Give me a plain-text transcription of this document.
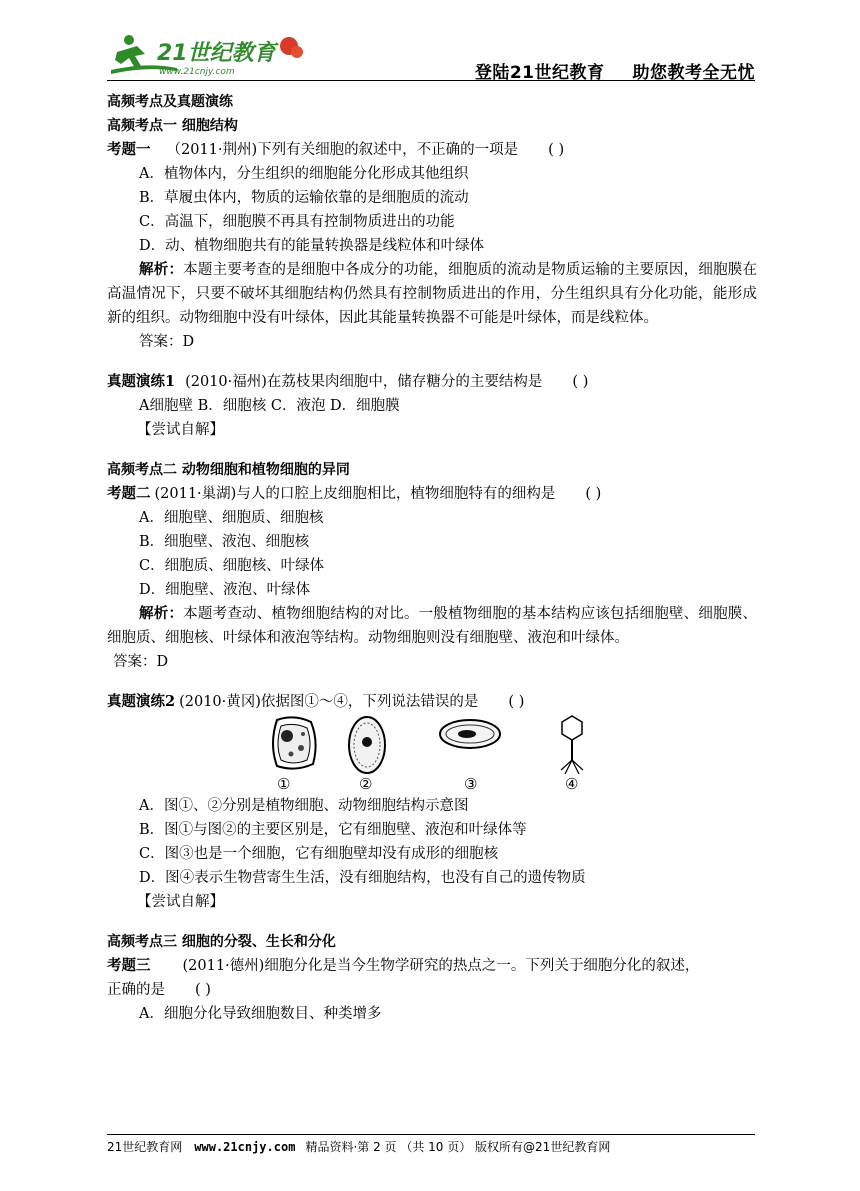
21世纪教育
www.21cnjy.com	登陆21世纪教育 助您教考全无忧
高频考点及真题演练
高频考点一 细胞结构
考题一 （2011·荆州)下列有关细胞的叙述中，不正确的一项是 ( )
A．植物体内，分生组织的细胞能分化形成其他组织
B．草履虫体内，物质的运输依靠的是细胞质的流动
C．高温下，细胞膜不再具有控制物质进出的功能
D．动、植物细胞共有的能量转换器是线粒体和叶绿体
解析：本题主要考查的是细胞中各成分的功能，细胞质的流动是物质运输的主要原因，细胞膜在高温情况下，只要不破坏其细胞结构仍然具有控制物质进出的作用，分生组织具有分化功能，能形成新的组织。动物细胞中没有叶绿体，因此其能量转换器不可能是叶绿体，而是线粒体。
答案：D
真题演练1 (2010·福州)在荔枝果肉细胞中，储存糖分的主要结构是 ( )
A细胞壁 B．细胞核 C．液泡 D．细胞膜
【尝试自解】
高频考点二 动物细胞和植物细胞的异同
考题二 (2011·巢湖)与人的口腔上皮细胞相比，植物细胞特有的细构是 ( )
A．细胞壁、细胞质、细胞核
B．细胞壁、液泡、细胞核
C．细胞质、细胞核、叶绿体
D．细胞壁、液泡、叶绿体
解析：本题考查动、植物细胞结构的对比。一般植物细胞的基本结构应该包括细胞壁、细胞膜、细胞质、细胞核、叶绿体和液泡等结构。动物细胞则没有细胞壁、液泡和叶绿体。
答案：D
真题演练2 (2010·黄冈)依据图①～④，下列说法错误的是 ( )
①	②	③	④
A．图①、②分别是植物细胞、动物细胞结构示意图
B．图①与图②的主要区别是，它有细胞壁、液泡和叶绿体等
C．图③也是一个细胞，它有细胞壁却没有成形的细胞核
D．图④表示生物营寄生生活，没有细胞结构，也没有自己的遗传物质
【尝试自解】
高频考点三 细胞的分裂、生长和分化
考题三 (2011·德州)细胞分化是当今生物学研究的热点之一。下列关于细胞分化的叙述，
正确的是 ( )
A．细胞分化导致细胞数目、种类增多
21世纪教育网 www.21cnjy.com 精品资料·第 2 页 （共 10 页） 版权所有@21世纪教育网
